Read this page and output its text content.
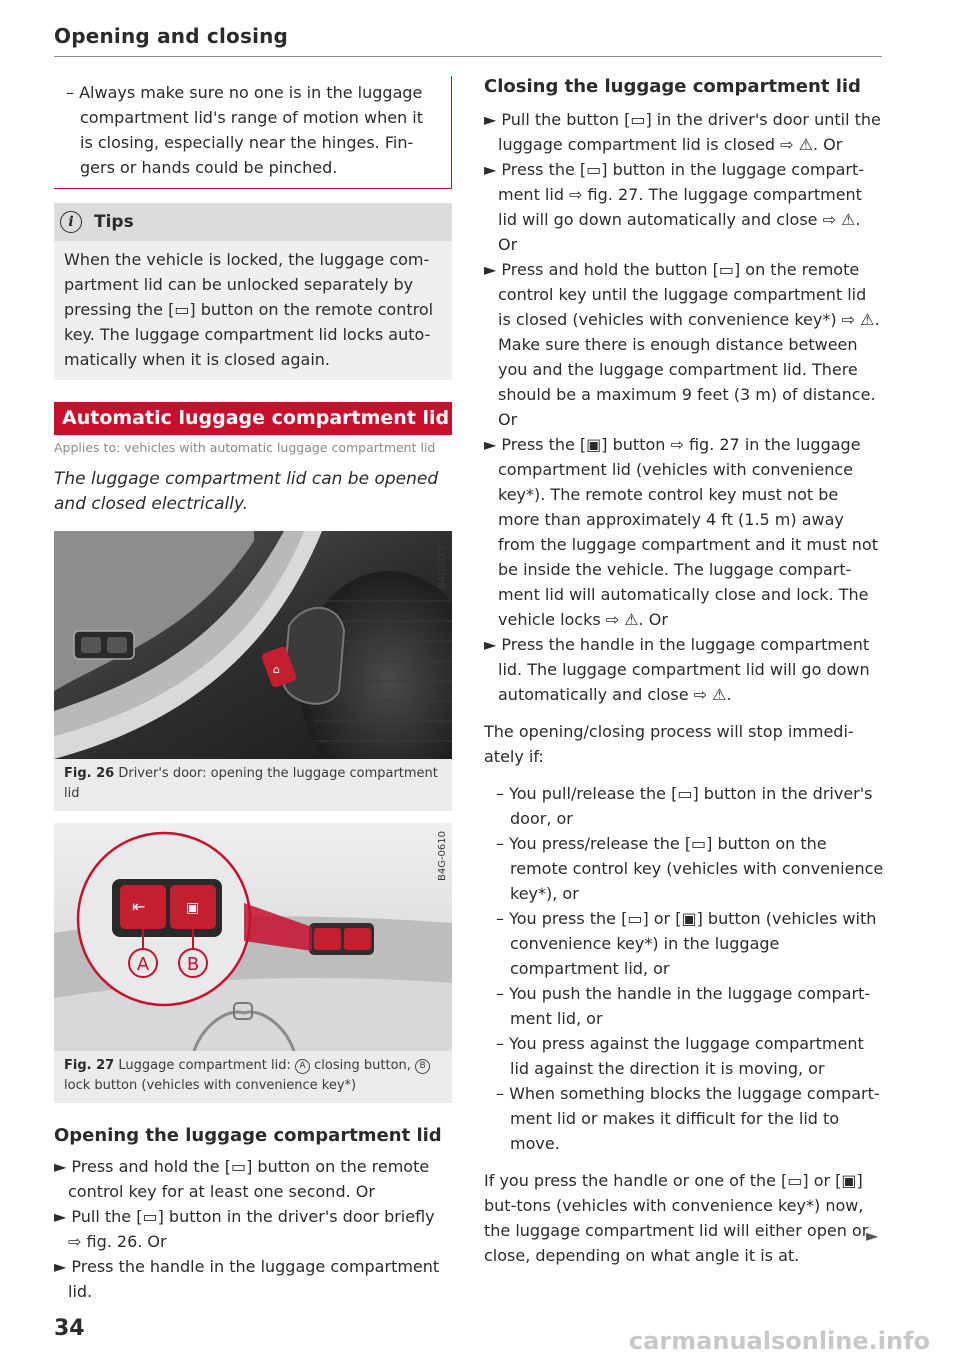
Opening and closing

– Always make sure no one is in the luggage compartment lid's range of motion when it is closing, especially near the hinges. Fin-gers or hands could be pinched.

i	Tips

When the vehicle is locked, the luggage com-partment lid can be unlocked separately by pressing the [▭] button on the remote control key. The luggage compartment lid locks auto-matically when it is closed again.

Automatic luggage compartment lid
Applies to: vehicles with automatic luggage compartment lid

The luggage compartment lid can be opened and closed electrically.

⌂
B4G-0177
Fig. 26 Driver's door: opening the luggage compartment lid
⇤	▣
A B
B4G-0610
Fig. 27 Luggage compartment lid: A closing button, B lock button (vehicles with convenience key*)
Opening the luggage compartment lid

► Press and hold the [▭] button on the remote control key for at least one second. Or

► Pull the [▭] button in the driver's door briefly ⇨ fig. 26. Or

► Press the handle in the luggage compartment lid.

Closing the luggage compartment lid

► Pull the button [▭] in the driver's door until the luggage compartment lid is closed ⇨ ⚠. Or

► Press the [▭] button in the luggage compart-ment lid ⇨ fig. 27. The luggage compartment lid will go down automatically and close ⇨ ⚠. Or

► Press and hold the button [▭] on the remote control key until the luggage compartment lid is closed (vehicles with convenience key*) ⇨ ⚠. Make sure there is enough distance between you and the luggage compartment lid. There should be a maximum 9 feet (3 m) of distance. Or

► Press the [▣] button ⇨ fig. 27 in the luggage compartment lid (vehicles with convenience key*). The remote control key must not be more than approximately 4 ft (1.5 m) away from the luggage compartment and it must not be inside the vehicle. The luggage compart-ment lid will automatically close and lock. The vehicle locks ⇨ ⚠. Or

► Press the handle in the luggage compartment lid. The luggage compartment lid will go down automatically and close ⇨ ⚠.

The opening/closing process will stop immedi-ately if:

– You pull/release the [▭] button in the driver's door, or

– You press/release the [▭] button on the remote control key (vehicles with convenience key*), or

– You press the [▭] or [▣] button (vehicles with convenience key*) in the luggage compartment lid, or

– You push the handle in the luggage compart-ment lid, or

– You press against the luggage compartment lid against the direction it is moving, or

– When something blocks the luggage compart-ment lid or makes it difficult for the lid to move.

If you press the handle or one of the [▭] or [▣] but-tons (vehicles with convenience key*) now, the luggage compartment lid will either open or close, depending on what angle it is at.

►
34	carmanualsonline.info
